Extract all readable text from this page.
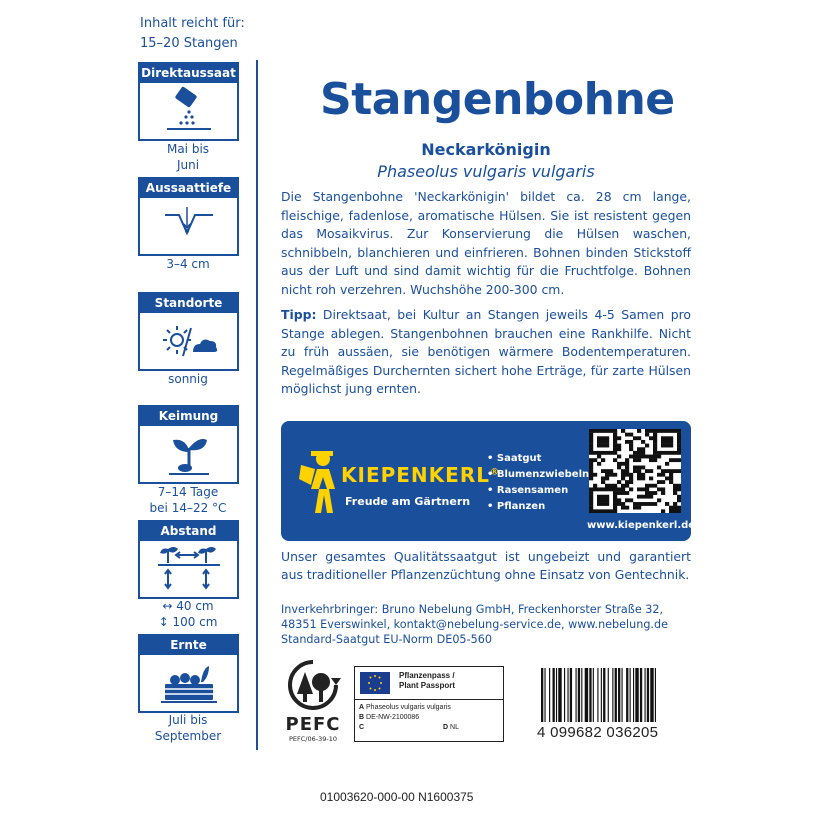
Inhalt reicht für:
15–20 Stangen
Direktaussaat
Mai bis
Juni
Aussaattiefe
3–4 cm
Standorte
sonnig
Keimung
7–14 Tage
bei 14–22 °C
Abstand
↔ 40 cm
↕ 100 cm
Ernte
Juli bis
September
Stangenbohne
Neckarkönigin
Phaseolus vulgaris vulgaris
Die Stangenbohne 'Neckarkönigin' bildet ca. 28 cm lange, fleischige, fadenlose, aromatische Hülsen. Sie ist resistent gegen das Mosaikvirus. Zur Konservierung die Hülsen waschen, schnibbeln, blanchieren und einfrieren. Bohnen binden Stickstoff aus der Luft und sind damit wichtig für die Fruchtfolge. Bohnen nicht roh verzehren. Wuchshöhe 200-300 cm.
Tipp: Direktsaat, bei Kultur an Stangen jeweils 4-5 Samen pro Stange ablegen. Stangenbohnen brauchen eine Rankhilfe. Nicht zu früh aussäen, sie benötigen wärmere Bodentemperaturen. Regelmäßiges Durchernten sichert hohe Erträge, für zarte Hülsen möglichst jung ernten.
KIEPENKERL®
Freude am Gärtnern
• Saatgut
• Blumenzwiebeln
• Rasensamen
• Pflanzen
www.kiepenkerl.de
Unser gesamtes Qualitätssaatgut ist ungebeizt und garantiert aus traditioneller Pflanzenzüchtung ohne Einsatz von Gentechnik.
Inverkehrbringer: Bruno Nebelung GmbH, Freckenhorster Straße 32,
48351 Everswinkel, kontakt@nebelung-service.de, www.nebelung.de
Standard-Saatgut EU-Norm DE05-560
PEFC
PEFC/06-39-10
Pflanzenpass /
Plant Passport
A Phaseolus vulgaris vulgaris
B DE-NW-2100086
C	D NL	4 099682 036205
01003620-000-00 N1600375
